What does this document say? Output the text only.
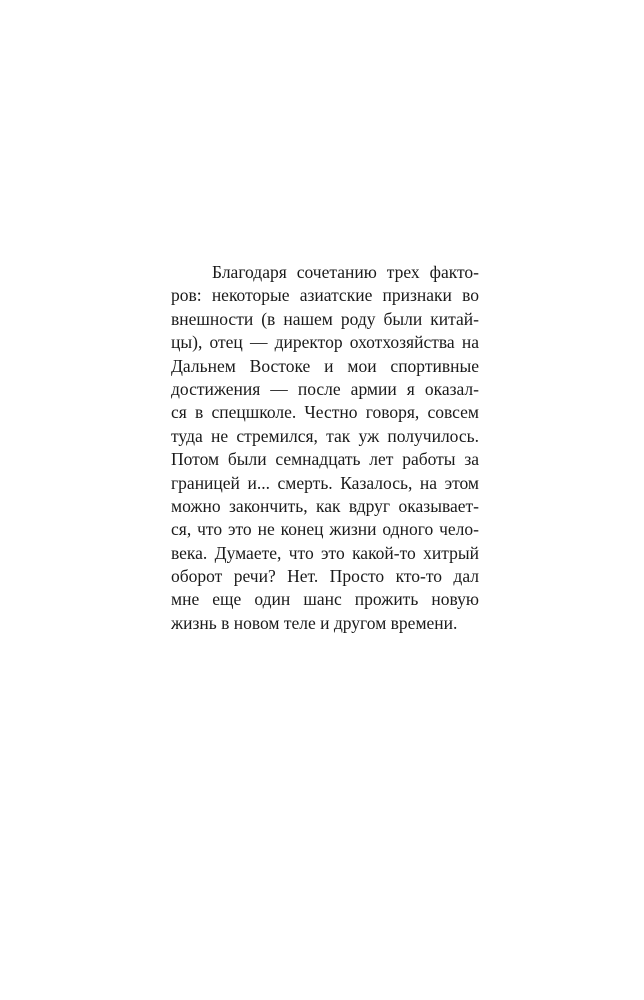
Благодаря сочетанию трех факто-
ров: некоторые азиатские признаки во
внешности (в нашем роду были китай-
цы), отец — директор охотхозяйства на
Дальнем Востоке и мои спортивные
достижения — после армии я оказал-
ся в спецшколе. Честно говоря, совсем
туда не стремился, так уж получилось.
Потом были семнадцать лет работы за
границей и... смерть. Казалось, на этом
можно закончить, как вдруг оказывает-
ся, что это не конец жизни одного чело-
века. Думаете, что это какой-то хитрый
оборот речи? Нет. Просто кто-то дал
мне еще один шанс прожить новую
жизнь в новом теле и другом времени.
